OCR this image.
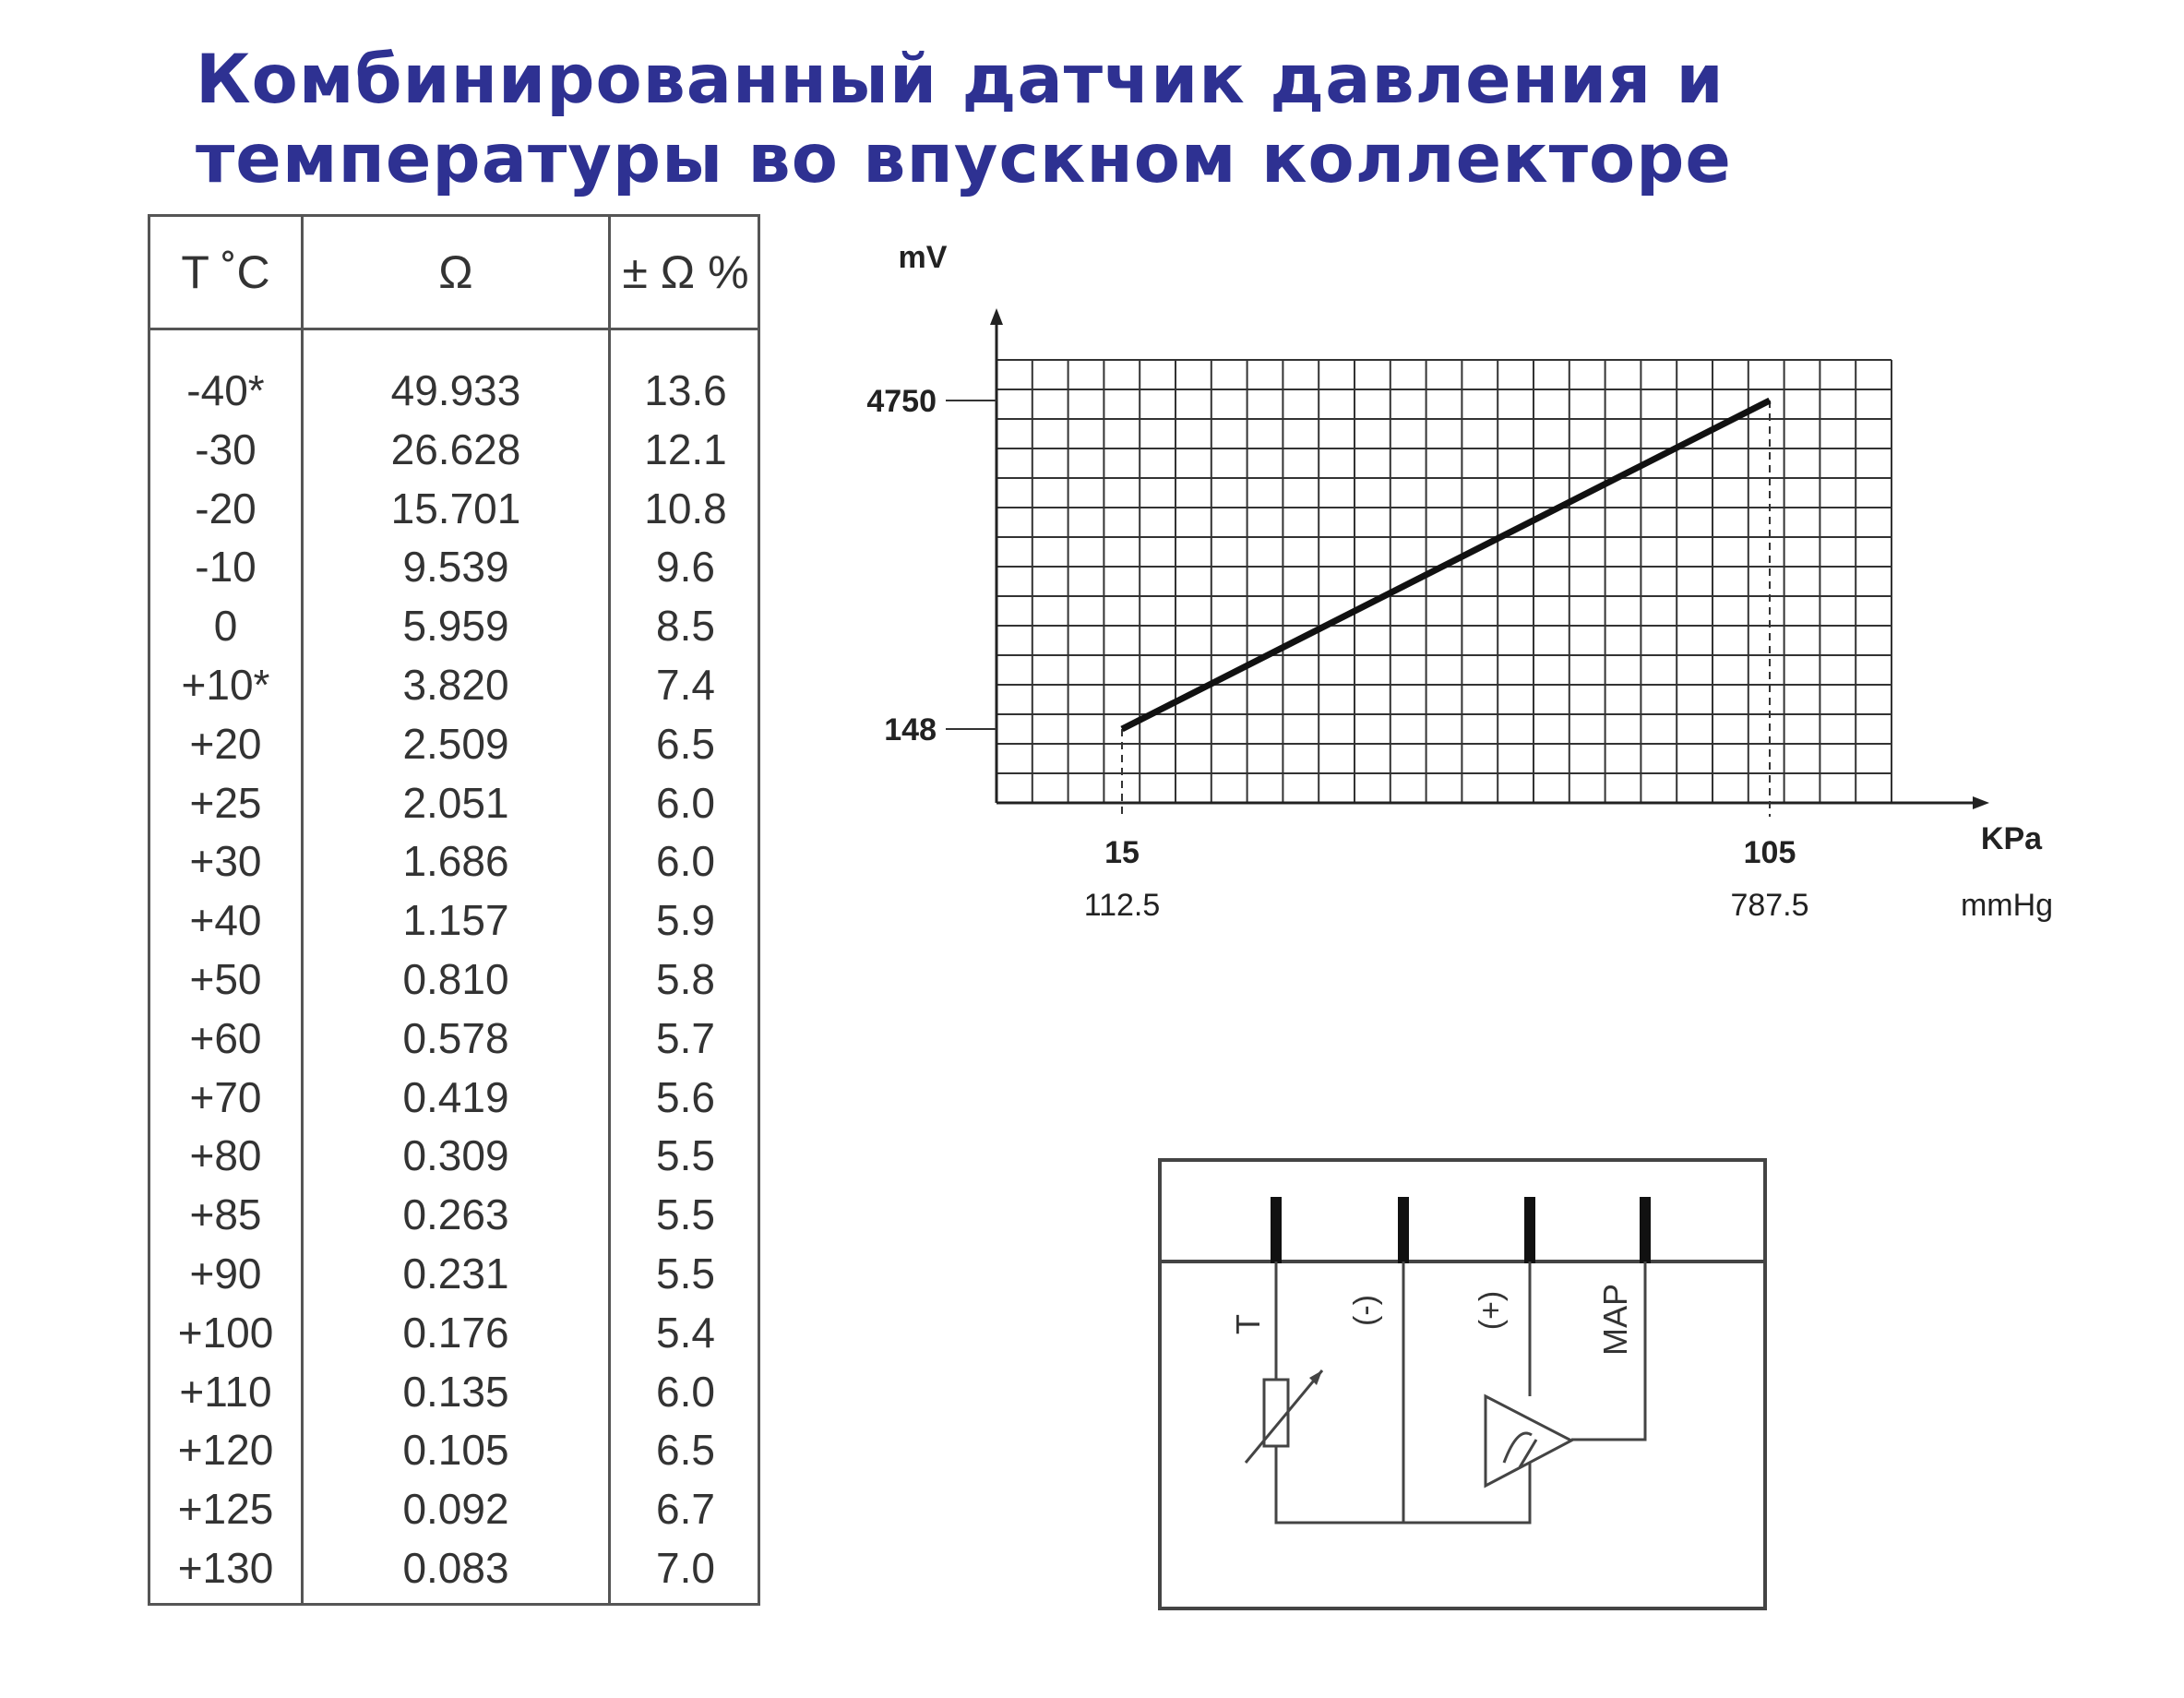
Комбинированный датчик давления и
температуры во впускном коллекторе
T ˚C	Ω	± Ω %
-40*	49.933	13.6
-30	26.628	12.1
-20	15.701	10.8
-10	9.539	9.6
0	5.959	8.5
+10*	3.820	7.4
+20	2.509	6.5
+25	2.051	6.0
+30	1.686	6.0
+40	1.157	5.9
+50	0.810	5.8
+60	0.578	5.7
+70	0.419	5.6
+80	0.309	5.5
+85	0.263	5.5
+90	0.231	5.5
+100	0.176	5.4
+110	0.135	6.0
+120	0.105	6.5
+125	0.092	6.7
+130	0.083	7.0
mV
4750
148
15	105
112.5	787.5
KPa
mmHg
T	(-)	(+)	MAP
